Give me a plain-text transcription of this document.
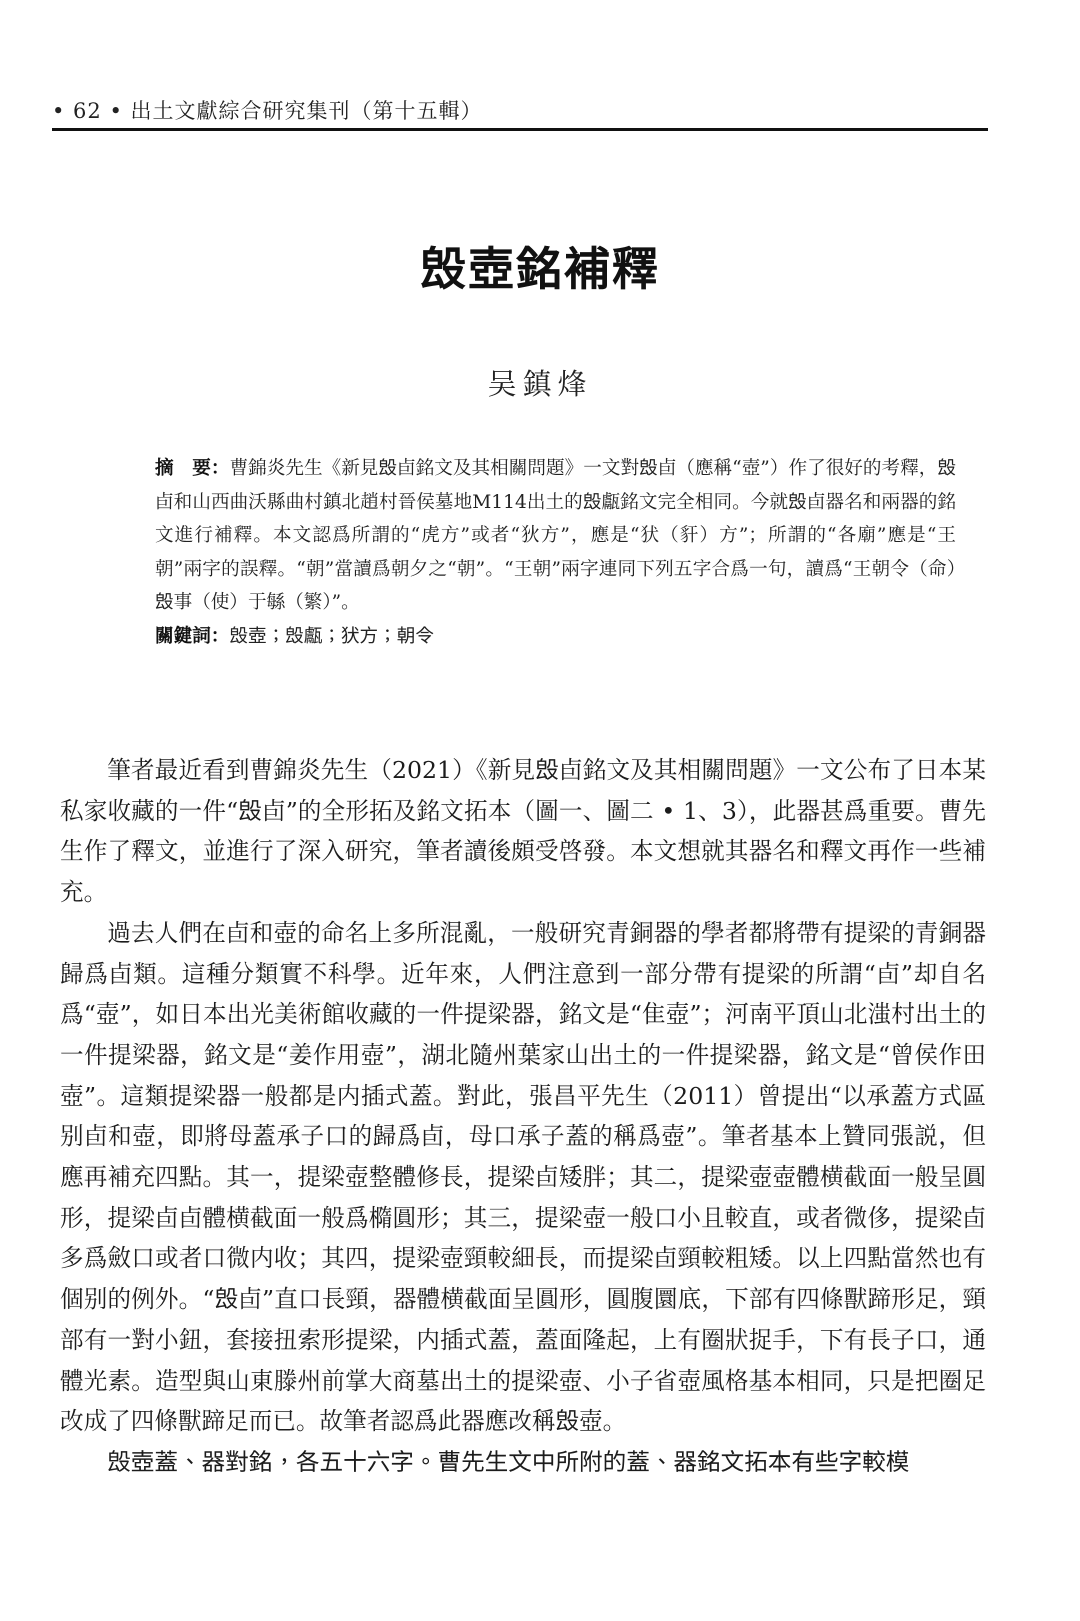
• 62 • 出土文獻綜合研究集刊（第十五輯）
𣪕壺銘補釋
吴鎮烽

摘　要：曹錦炎先生《新見𣪕卣銘文及其相關問題》一文對𣪕卣（應稱“壺”）作了很好的考釋，𣪕卣和山西曲沃縣曲村鎮北趙村晉侯墓地M114出土的𣪕甗銘文完全相同。今就𣪕卣器名和兩器的銘文進行補釋。本文認爲所謂的“虎方”或者“狄方”，應是“犾（豻）方”；所謂的“各廟”應是“王朝”兩字的誤釋。“朝”當讀爲朝夕之“朝”。“王朝”兩字連同下列五字合爲一句，讀爲“王朝令（命）𣪕事（使）于緐（繁）”。

關鍵詞：𣪕壺；𣪕甗；犾方；朝令

筆者最近看到曹錦炎先生（2021）《新見𣪕卣銘文及其相關問題》一文公布了日本某私家收藏的一件“𣪕卣”的全形拓及銘文拓本（圖一、圖二 • 1、3），此器甚爲重要。曹先生作了釋文，並進行了深入研究，筆者讀後頗受啓發。本文想就其器名和釋文再作一些補充。

過去人們在卣和壺的命名上多所混亂，一般研究青銅器的學者都將帶有提梁的青銅器歸爲卣類。這種分類實不科學。近年來，人們注意到一部分帶有提梁的所謂“卣”却自名爲“壺”，如日本出光美術館收藏的一件提梁器，銘文是“隹壺”；河南平頂山北滍村出土的一件提梁器，銘文是“姜作用壺”，湖北隨州葉家山出土的一件提梁器，銘文是“曾侯作田壺”。這類提梁器一般都是内插式蓋。對此，張昌平先生（2011）曾提出“以承蓋方式區别卣和壺，即將母蓋承子口的歸爲卣，母口承子蓋的稱爲壺”。筆者基本上贊同張説，但應再補充四點。其一，提梁壺整體修長，提梁卣矮胖；其二，提梁壺壺體横截面一般呈圓形，提梁卣卣體横截面一般爲橢圓形；其三，提梁壺一般口小且較直，或者微侈，提梁卣多爲斂口或者口微内收；其四，提梁壺頸較細長，而提梁卣頸較粗矮。以上四點當然也有個别的例外。“𣪕卣”直口長頸，器體横截面呈圓形，圓腹圜底，下部有四條獸蹄形足，頸部有一對小鈕，套接扭索形提梁，内插式蓋，蓋面隆起，上有圈狀捉手，下有長子口，通體光素。造型與山東滕州前掌大商墓出土的提梁壺、小子省壺風格基本相同，只是把圈足改成了四條獸蹄足而已。故筆者認爲此器應改稱𣪕壺。

𣪕壺蓋、器對銘，各五十六字。曹先生文中所附的蓋、器銘文拓本有些字較模
